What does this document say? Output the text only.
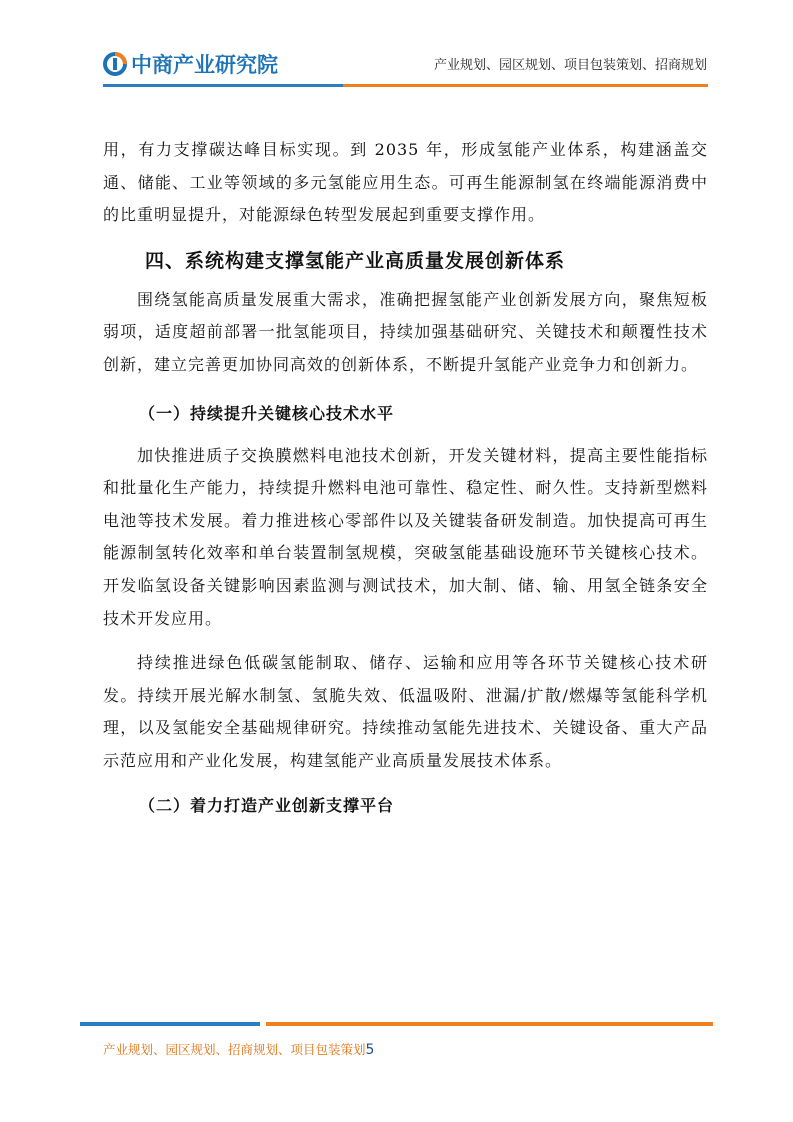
中商产业研究院	产业规划、园区规划、项目包装策划、招商规划

用，有力支撑碳达峰目标实现。到 2035 年，形成氢能产业体系，构建涵盖交通、储能、工业等领域的多元氢能应用生态。可再生能源制氢在终端能源消费中的比重明显提升，对能源绿色转型发展起到重要支撑作用。

四、系统构建支撑氢能产业高质量发展创新体系

围绕氢能高质量发展重大需求，准确把握氢能产业创新发展方向，聚焦短板弱项，适度超前部署一批氢能项目，持续加强基础研究、关键技术和颠覆性技术创新，建立完善更加协同高效的创新体系，不断提升氢能产业竞争力和创新力。

（一）持续提升关键核心技术水平

加快推进质子交换膜燃料电池技术创新，开发关键材料，提高主要性能指标和批量化生产能力，持续提升燃料电池可靠性、稳定性、耐久性。支持新型燃料电池等技术发展。着力推进核心零部件以及关键装备研发制造。加快提高可再生能源制氢转化效率和单台装置制氢规模，突破氢能基础设施环节关键核心技术。开发临氢设备关键影响因素监测与测试技术，加大制、储、输、用氢全链条安全技术开发应用。

持续推进绿色低碳氢能制取、储存、运输和应用等各环节关键核心技术研发。持续开展光解水制氢、氢脆失效、低温吸附、泄漏/扩散/燃爆等氢能科学机理，以及氢能安全基础规律研究。持续推动氢能先进技术、关键设备、重大产品示范应用和产业化发展，构建氢能产业高质量发展技术体系。

（二）着力打造产业创新支撑平台
产业规划、园区规划、招商规划、项目包装策划5
